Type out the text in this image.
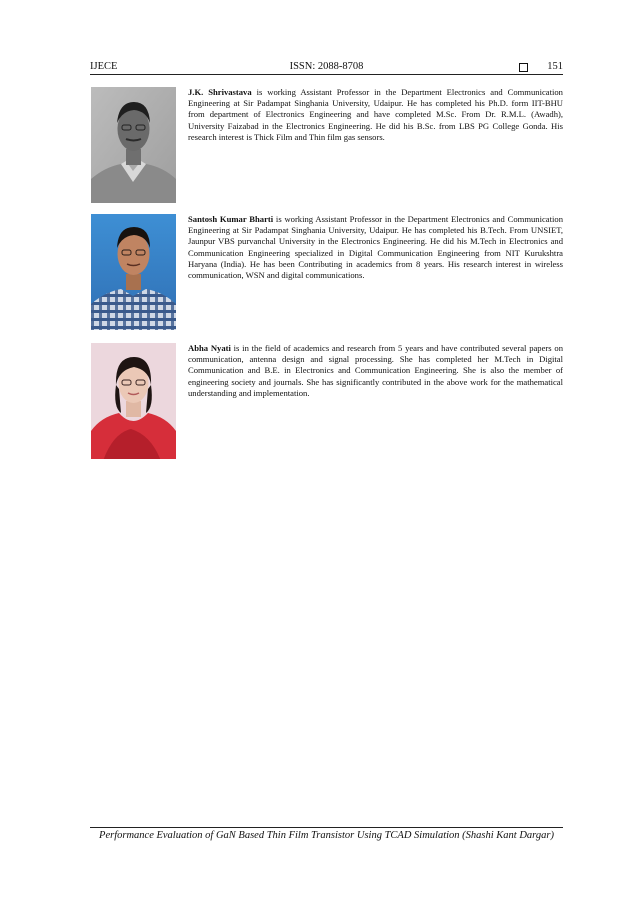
IJECE	ISSN: 2088-8708	151
J.K. Shrivastava is working Assistant Professor in the Department Electronics and Communication Engineering at Sir Padampat Singhania University, Udaipur. He has completed his Ph.D. form IIT-BHU from department of Electronics Engineering and have completed M.Sc. From Dr. R.M.L. (Awadh), University Faizabad in the Electronics Engineering. He did his B.Sc. from LBS PG College Gonda. His research interest is Thick Film and Thin film gas sensors.
Santosh Kumar Bharti is working Assistant Professor in the Department Electronics and Communication Engineering at Sir Padampat Singhania University, Udaipur. He has completed his B.Tech. From UNSIET, Jaunpur VBS purvanchal University in the Electronics Engineering. He did his M.Tech in Electronics and Communication Engineering specialized in Digital Communication Engineering from NIT Kurukshtra Haryana (India). He has been Contributing in academics from 8 years. His research interest in wireless communication, WSN and digital communications.
Abha Nyati is in the field of academics and research from 5 years and have contributed several papers on communication, antenna design and signal processing. She has completed her M.Tech in Digital Communication and B.E. in Electronics and Communication Engineering. She is also the member of engineering society and journals. She has significantly contributed in the above work for the mathematical understanding and implementation.
Performance Evaluation of GaN Based Thin Film Transistor Using TCAD Simulation (Shashi Kant Dargar)
